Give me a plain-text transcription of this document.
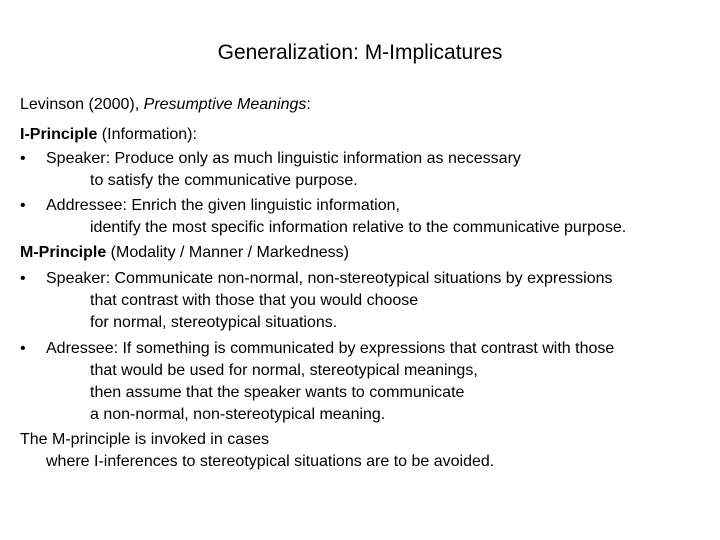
Generalization: M-Implicatures
Levinson (2000), Presumptive Meanings:
I-Principle (Information):
• Speaker: Produce only as much linguistic information as necessary
to satisfy the communicative purpose.
• Addressee: Enrich the given linguistic information,
identify the most specific information relative to the communicative purpose.
M-Principle (Modality / Manner / Markedness)
• Speaker: Communicate non-normal, non-stereotypical situations by expressions
that contrast with those that you would choose
for normal, stereotypical situations.
• Adressee: If something is communicated by expressions that contrast with those
that would be used for normal, stereotypical meanings,
then assume that the speaker wants to communicate
a non-normal, non-stereotypical meaning.
The M-principle is invoked in cases
where I-inferences to stereotypical situations are to be avoided.
